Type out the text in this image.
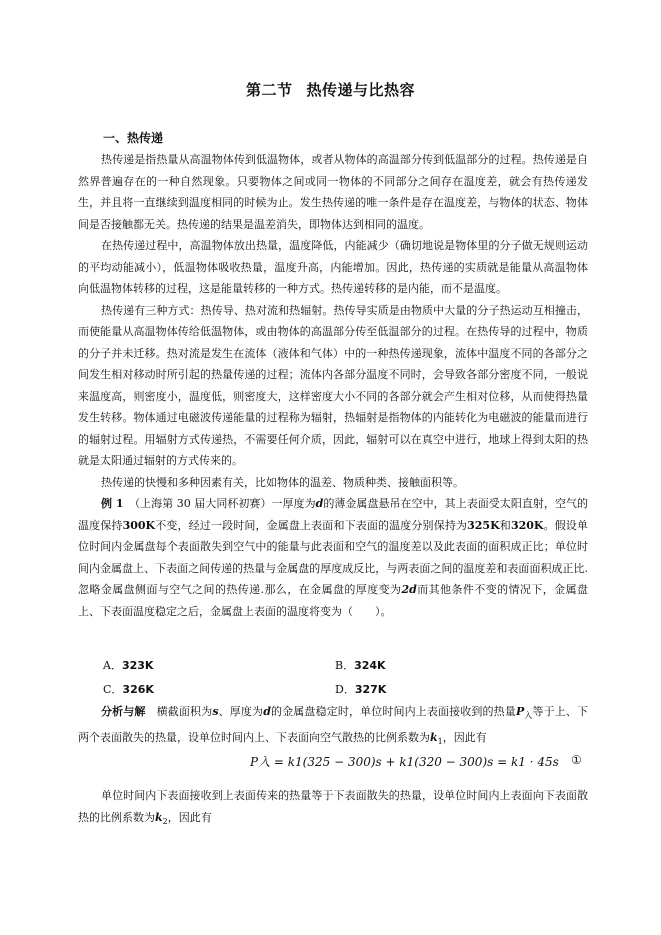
第二节 热传递与比热容
一、热传递

热传递是指热量从高温物体传到低温物体，或者从物体的高温部分传到低温部分的过程。热传递是自然界普遍存在的一种自然现象。只要物体之间或同一物体的不同部分之间存在温度差，就会有热传递发生，并且将一直继续到温度相同的时候为止。发生热传递的唯一条件是存在温度差，与物体的状态、物体间是否接触都无关。热传递的结果是温差消失，即物体达到相同的温度。

在热传递过程中，高温物体放出热量，温度降低，内能减少（确切地说是物体里的分子做无规则运动的平均动能减小），低温物体吸收热量，温度升高，内能增加。因此，热传递的实质就是能量从高温物体向低温物体转移的过程，这是能量转移的一种方式。热传递转移的是内能，而不是温度。

热传递有三种方式：热传导、热对流和热辐射。热传导实质是由物质中大量的分子热运动互相撞击，而使能量从高温物体传给低温物体，或由物体的高温部分传至低温部分的过程。在热传导的过程中，物质的分子并未迁移。热对流是发生在流体（液体和气体）中的一种热传递现象，流体中温度不同的各部分之间发生相对移动时所引起的热量传递的过程；流体内各部分温度不同时，会导致各部分密度不同，一般说来温度高，则密度小，温度低，则密度大，这样密度大小不同的各部分就会产生相对位移，从而使得热量发生转移。物体通过电磁波传递能量的过程称为辐射，热辐射是指物体的内能转化为电磁波的能量而进行的辐射过程。用辐射方式传递热，不需要任何介质，因此，辐射可以在真空中进行，地球上得到太阳的热就是太阳通过辐射的方式传来的。

热传递的快慢和多种因素有关，比如物体的温差、物质种类、接触面积等。

例 1　 （上海第 30 届大同杯初赛）一厚度为d的薄金属盘悬吊在空中，其上表面受太阳直射，空气的温度保持300K不变，经过一段时间，金属盘上表面和下表面的温度分别保持为325K和320K。假设单位时间内金属盘每个表面散失到空气中的能量与此表面和空气的温度差以及此表面的面积成正比；单位时间内金属盘上、下表面之间传递的热量与金属盘的厚度成反比，与两表面之间的温度差和表面面积成正比.忽略金属盘侧面与空气之间的热传递.那么，在金属盘的厚度变为2d而其他条件不变的情况下，金属盘上、下表面温度稳定之后，金属盘上表面的温度将变为（　　）。

A．323K	B．324K
C．326K	D．327K

分析与解　横截面积为s、厚度为d的金属盘稳定时，单位时间内上表面接收到的热量$P_入$等于上、下两个表面散失的热量，设单位时间内上、下表面向空气散热的比例系数为$k_1$，因此有

P入 = k1(325 − 300)s + k1(320 − 300)s = k1 · 45s ①

单位时间内下表面接收到上表面传来的热量等于下表面散失的热量，设单位时间内上表面向下表面散热的比例系数为$k_2$，因此有
